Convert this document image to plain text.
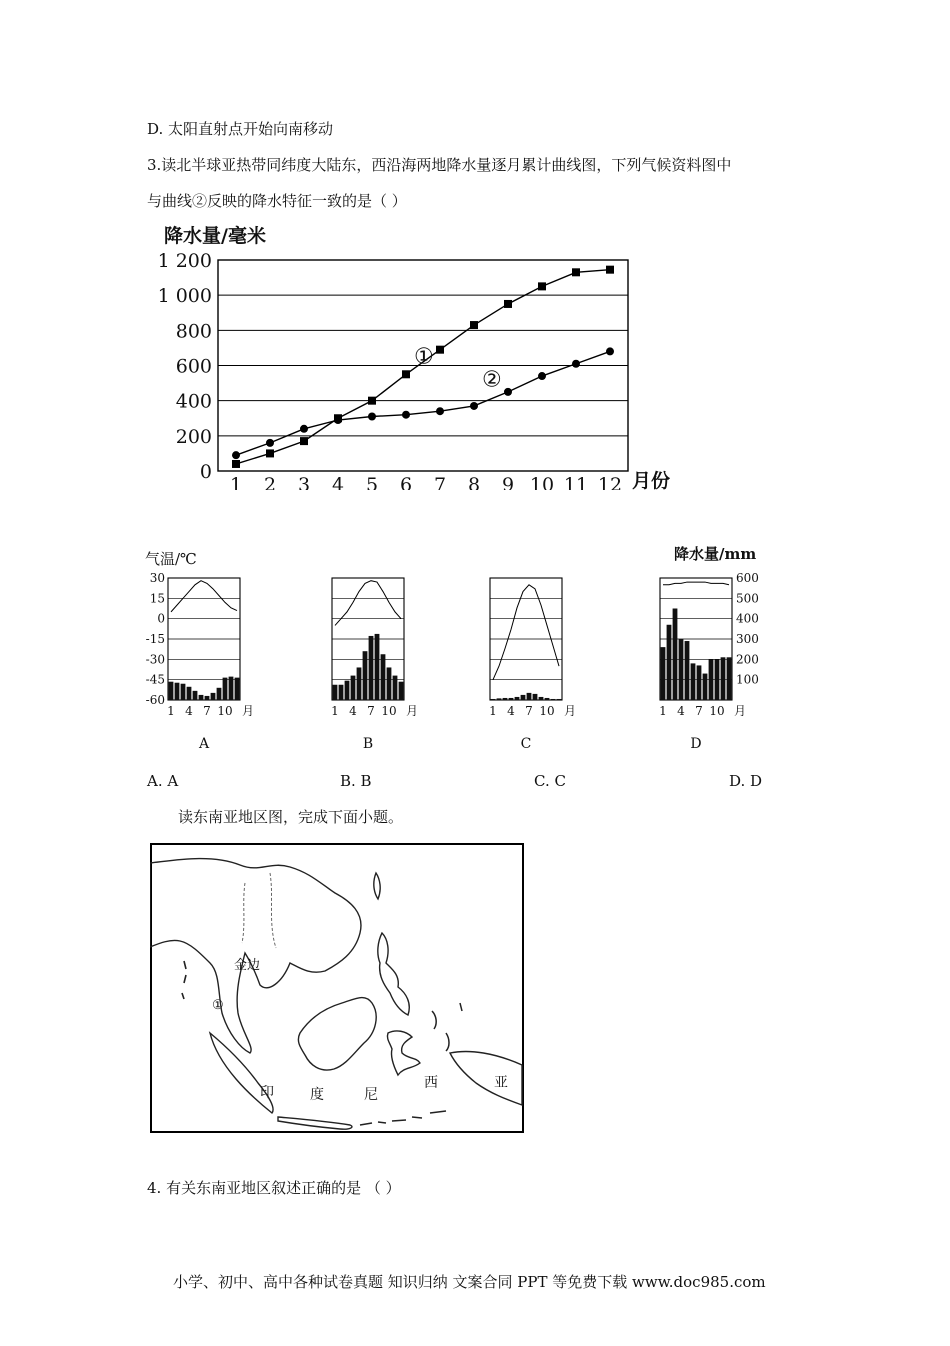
D. 太阳直射点开始向南移动
3.读北半球亚热带同纬度大陆东，西沿海两地降水量逐月累计曲线图，下列气候资料图中
与曲线②反映的降水特征一致的是（ ）
降水量/毫米
0
200
400
600
800
1 000
1 200
1 2 3 4 5 6 7 8 9 10 11 12
①
②
月份
气温/℃	降水量/mm
30
15
0
-15
-30
-45
-60
600
500
400
300
200
100
1 4 7 10 月
A
1 4 7 10 月
B
1 4 7 10 月
C
1 4 7 10 月
D
A. A	B. B	C. C	D. D
读东南亚地区图，完成下面小题。
①
金边
印	度	尼
西	亚
4. 有关东南亚地区叙述正确的是 （ ）
小学、初中、高中各种试卷真题 知识归纳 文案合同 PPT 等免费下载 www.doc985.com
